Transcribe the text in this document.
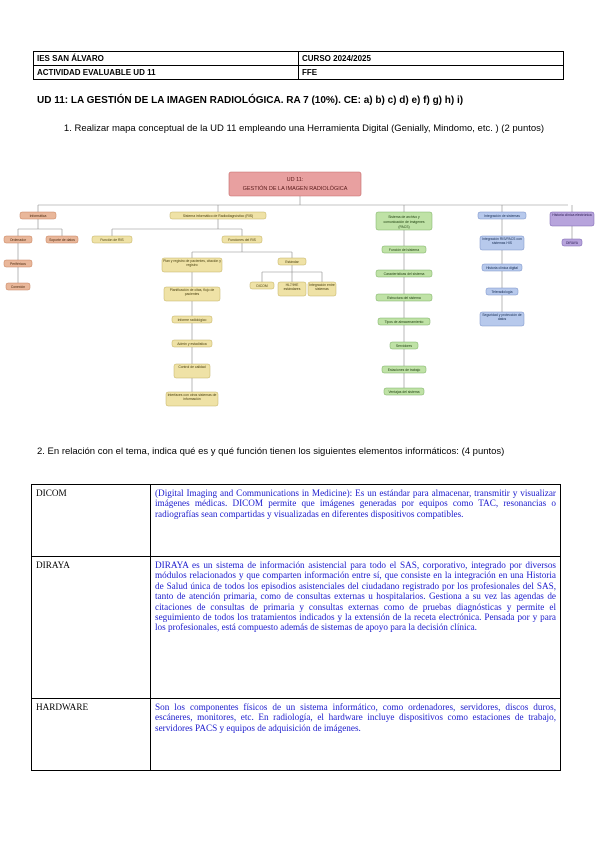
IES SAN ÁLVARO	CURSO 2024/2025
ACTIVIDAD EVALUABLE UD 11	FFE
UD 11: LA GESTIÓN DE LA IMAGEN RADIOLÓGICA. RA 7 (10%). CE: a) b) c) d) e) f) g) h) i)
1. Realizar mapa conceptual de la UD 11 empleando una Herramienta Digital (Genially, Mindomo, etc. ) (2 puntos)
UD 11:
GESTIÓN DE LA IMAGEN RADIOLÓGICA
Informática
Ordenador	Soporte de datos
Periféricos
Conexión
Sistema informático de Radiodiagnóstico (RIS)
Función de RIS	Funciones del RIS
Plan y registro de pacientes, citación y registro
Planificación de citas, flujo de pacientes
Informe radiológico
Admin y estadística
Control de calidad
Interfaces con otros sistemas de información
Estándar
DICOM	HL7/IHE estándares
Integración entre sistemas
Sistema de archivo y
comunicación de imágenes
(PACS)
Función del sistema
Características del sistema
Estructura del sistema
Tipos de almacenamiento
Servidores
Estaciones de trabajo
Ventajas del sistema
Integración de sistemas
Integración RIS/PACS con sistemas HIS
Historia clínica digital
Teleradiología
Seguridad y protección de datos
Historia clínica electrónica
DIRAYA
2. En relación con el tema, indica qué es y qué función tienen los siguientes elementos informáticos: (4 puntos)
DICOM	(Digital Imaging and Communications in Medicine): Es un estándar para almacenar, transmitir y visualizar imágenes médicas. DICOM permite que imágenes generadas por equipos como TAC, resonancias o radiografías sean compartidas y visualizadas en diferentes dispositivos compatibles.
DIRAYA	DIRAYA es un sistema de información asistencial para todo el SAS, corporativo, integrado por diversos módulos relacionados y que comparten información entre sí, que consiste en la integración en una Historia de Salud única de todos los episodios asistenciales del ciudadano registrado por los profesionales del SAS, tanto de atención primaria, como de consultas externas u hospitalarios. Gestiona a su vez las agendas de citaciones de consultas de primaria y consultas externas como de pruebas diagnósticas y permite el seguimiento de todos los tratamientos indicados y la extensión de la receta electrónica. Pensada por y para los profesionales, está compuesto además de sistemas de apoyo para la decisión clínica.
HARDWARE	Son los componentes físicos de un sistema informático, como ordenadores, servidores, discos duros, escáneres, monitores, etc. En radiología, el hardware incluye dispositivos como estaciones de trabajo, servidores PACS y equipos de adquisición de imágenes.
